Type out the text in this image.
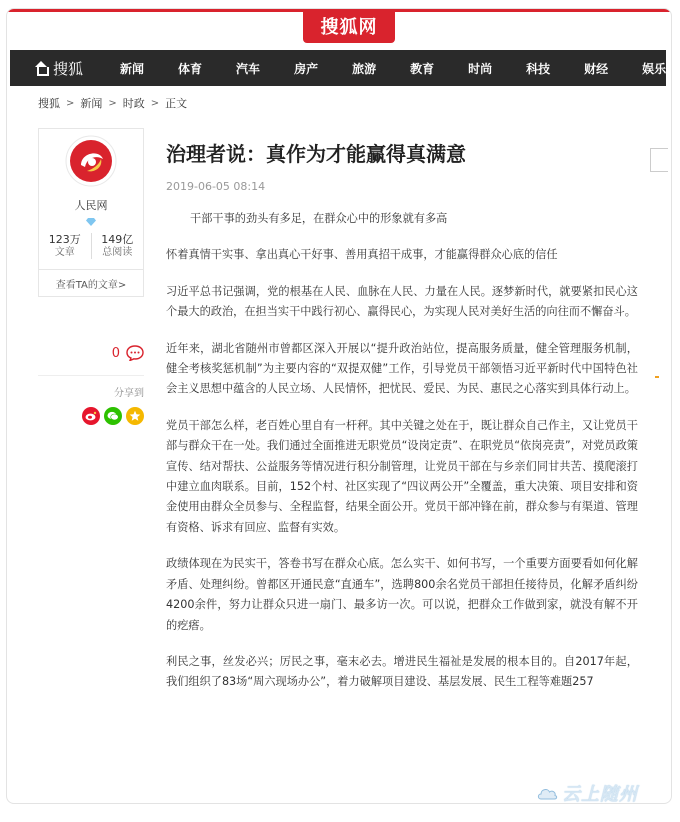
搜狐网
搜狐	新闻	体育	汽车	房产	旅游	教育	时尚	科技	财经	娱乐
搜狐 > 新闻 > 时政 > 正文
人民网
123万
文章
149亿
总阅读
查看TA的文章>
0
分享到
治理者说：真作为才能赢得真满意
2019-06-05 08:14

干部干事的劲头有多足，在群众心中的形象就有多高

怀着真情干实事、拿出真心干好事、善用真招干成事，才能赢得群众心底的信任

习近平总书记强调，党的根基在人民、血脉在人民、力量在人民。逐梦新时代，就要紧扣民心这个最大的政治，在担当实干中践行初心、赢得民心，为实现人民对美好生活的向往而不懈奋斗。

近年来，湖北省随州市曾都区深入开展以“提升政治站位，提高服务质量，健全管理服务机制，健全考核奖惩机制”为主要内容的“双提双健”工作，引导党员干部领悟习近平新时代中国特色社会主义思想中蕴含的人民立场、人民情怀，把忧民、爱民、为民、惠民之心落实到具体行动上。

党员干部怎么样，老百姓心里自有一杆秤。其中关键之处在于，既让群众自己作主，又让党员干部与群众干在一处。我们通过全面推进无职党员“设岗定责”、在职党员“依岗亮责”，对党员政策宣传、结对帮扶、公益服务等情况进行积分制管理，让党员干部在与乡亲们同甘共苦、摸爬滚打中建立血肉联系。目前，152个村、社区实现了“四议两公开”全覆盖，重大决策、项目安排和资金使用由群众全员参与、全程监督，结果全面公开。党员干部冲锋在前，群众参与有渠道、管理有资格、诉求有回应、监督有实效。

政绩体现在为民实干，答卷书写在群众心底。怎么实干、如何书写，一个重要方面要看如何化解矛盾、处理纠纷。曾都区开通民意“直通车”，选聘800余名党员干部担任接待员，化解矛盾纠纷4200余件，努力让群众只进一扇门、最多访一次。可以说，把群众工作做到家，就没有解不开的疙瘩。

利民之事，丝发必兴；厉民之事，毫末必去。增进民生福祉是发展的根本目的。自2017年起，我们组织了83场“周六现场办公”，着力破解项目建设、基层发展、民生工程等难题257

云上随州
